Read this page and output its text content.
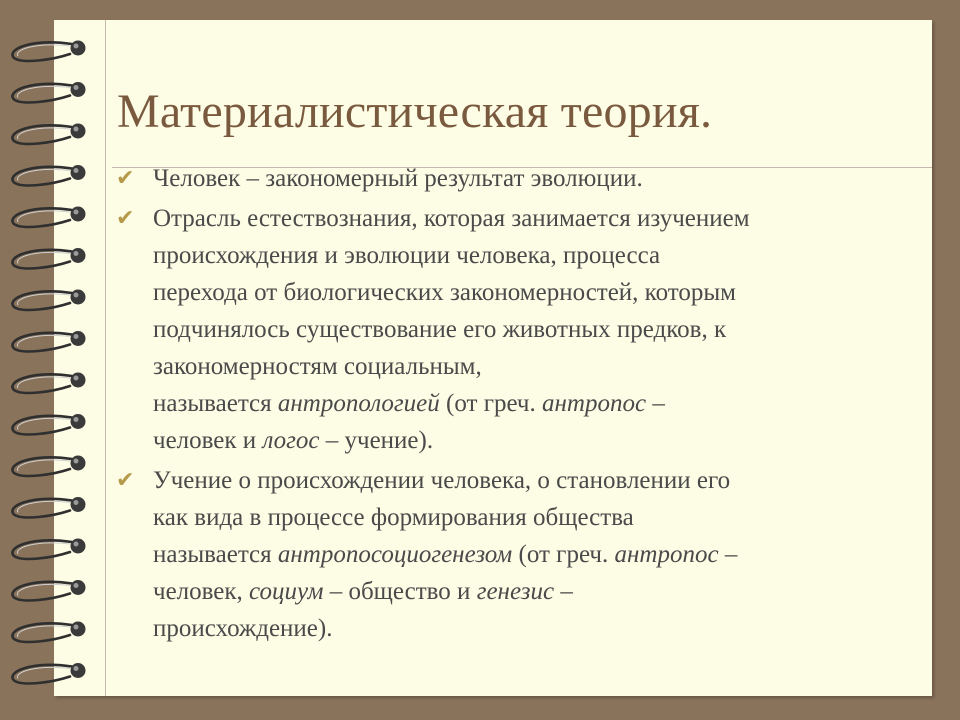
Материалистическая теория.
✔ Человек – закономерный результат эволюции.
✔ Отрасль естествознания, которая занимается изучением
происхождения и эволюции человека, процесса
перехода от биологических закономерностей, которым
подчинялось существование его животных предков, к
закономерностям социальным,
называется антропологией (от греч. антропос –
человек и логос – учение).
✔ Учение о происхождении человека, о становлении его
как вида в процессе формирования общества
называется антропосоциогенезом (от греч. антропос –
человек, социум – общество и генезис –
происхождение).
